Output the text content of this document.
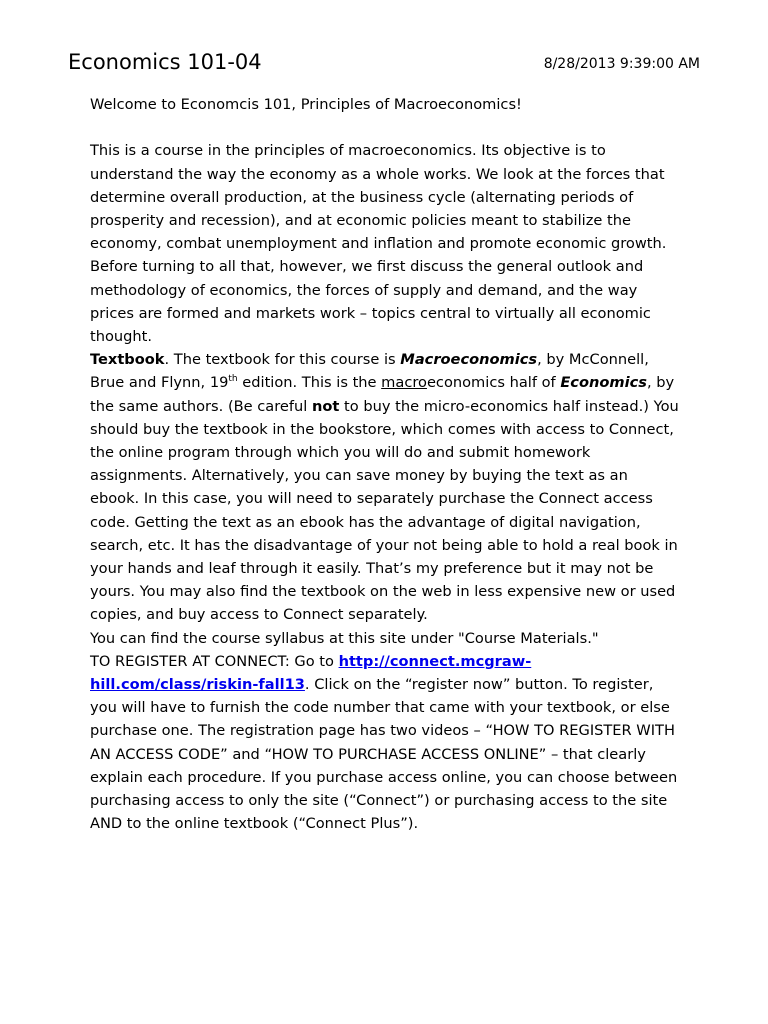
Economics 101-04	8/28/2013 9:39:00 AM

Welcome to Economcis 101, Principles of Macroeconomics!

This is a course in the principles of macroeconomics. Its objective is to understand the way the economy as a whole works. We look at the forces that determine overall production, at the business cycle (alternating periods of prosperity and recession), and at economic policies meant to stabilize the economy, combat unemployment and inflation and promote economic growth. Before turning to all that, however, we first discuss the general outlook and methodology of economics, the forces of supply and demand, and the way prices are formed and markets work – topics central to virtually all economic thought.

Textbook. The textbook for this course is Macroeconomics, by McConnell, Brue and Flynn, 19th edition. This is the macroeconomics half of Economics, by the same authors. (Be careful not to buy the micro-economics half instead.) You should buy the textbook in the bookstore, which comes with access to Connect, the online program through which you will do and submit homework assignments. Alternatively, you can save money by buying the text as an ebook. In this case, you will need to separately purchase the Connect access code. Getting the text as an ebook has the advantage of digital navigation, search, etc. It has the disadvantage of your not being able to hold a real book in your hands and leaf through it easily. That’s my preference but it may not be yours. You may also find the textbook on the web in less expensive new or used copies, and buy access to Connect separately.

You can find the course syllabus at this site under "Course Materials."

TO REGISTER AT CONNECT: Go to http://connect.mcgraw-hill.com/class/riskin-fall13. Click on the “register now” button. To register, you will have to furnish the code number that came with your textbook, or else purchase one. The registration page has two videos – “HOW TO REGISTER WITH AN ACCESS CODE” and “HOW TO PURCHASE ACCESS ONLINE” – that clearly explain each procedure. If you purchase access online, you can choose between purchasing access to only the site (“Connect”) or purchasing access to the site AND to the online textbook (“Connect Plus”).
